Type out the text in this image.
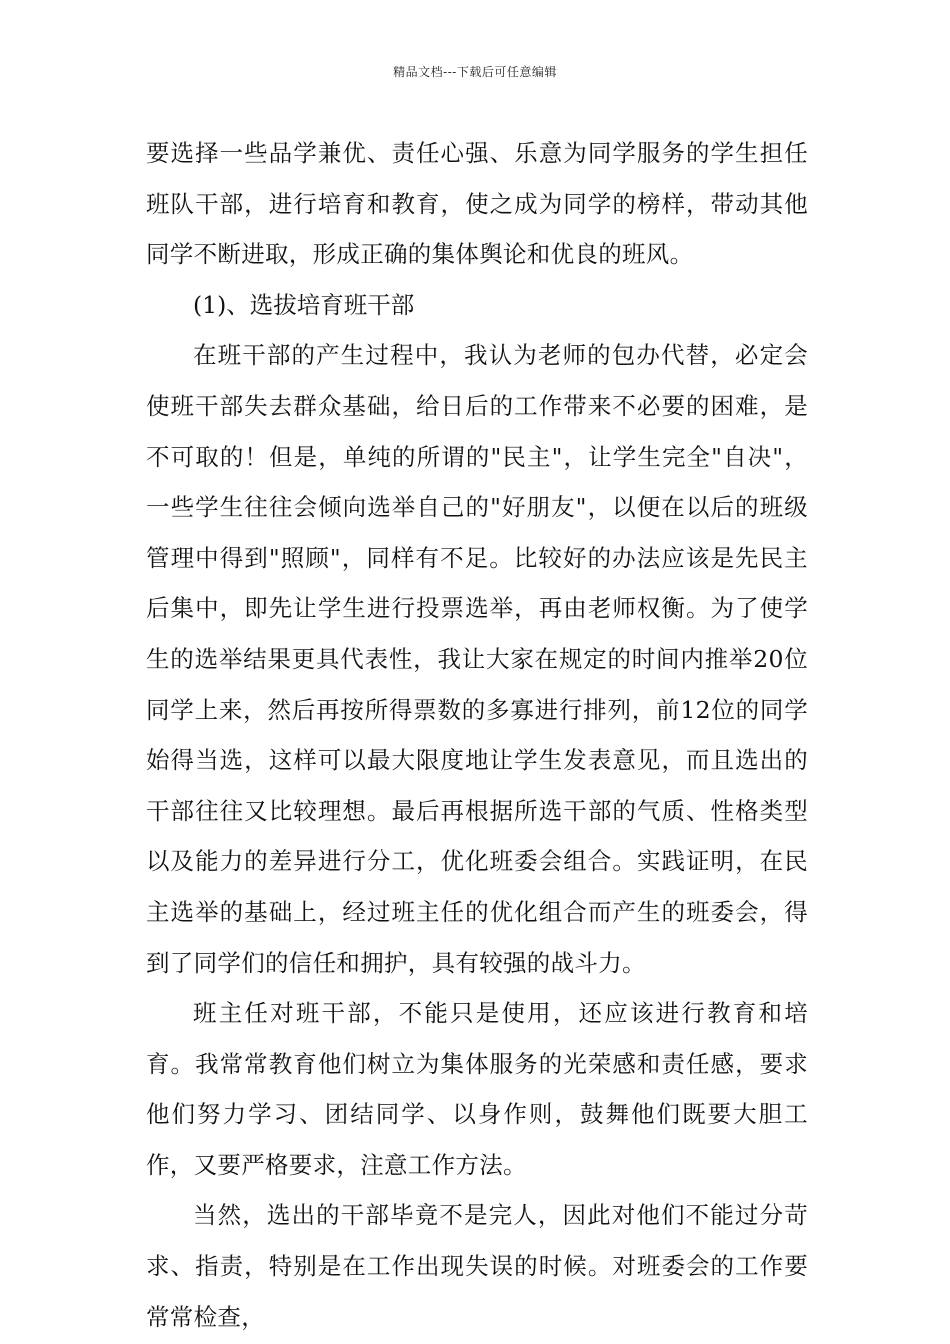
精品文档---下载后可任意编辑

要选择一些品学兼优、责任心强、乐意为同学服务的学生担任班队干部，进行培育和教育，使之成为同学的榜样，带动其他同学不断进取，形成正确的集体舆论和优良的班风。

(1)、选拔培育班干部

在班干部的产生过程中，我认为老师的包办代替，必定会使班干部失去群众基础，给日后的工作带来不必要的困难，是不可取的！但是，单纯的所谓的"民主"，让学生完全"自决"，一些学生往往会倾向选举自己的"好朋友"，以便在以后的班级管理中得到"照顾"，同样有不足。比较好的办法应该是先民主后集中，即先让学生进行投票选举，再由老师权衡。为了使学生的选举结果更具代表性，我让大家在规定的时间内推举20位同学上来，然后再按所得票数的多寡进行排列，前12位的同学始得当选，这样可以最大限度地让学生发表意见，而且选出的干部往往又比较理想。最后再根据所选干部的气质、性格类型以及能力的差异进行分工，优化班委会组合。实践证明，在民主选举的基础上，经过班主任的优化组合而产生的班委会，得到了同学们的信任和拥护，具有较强的战斗力。

班主任对班干部，不能只是使用，还应该进行教育和培育。我常常教育他们树立为集体服务的光荣感和责任感，要求他们努力学习、团结同学、以身作则，鼓舞他们既要大胆工作，又要严格要求，注意工作方法。

当然，选出的干部毕竟不是完人，因此对他们不能过分苛求、指责，特别是在工作出现失误的时候。对班委会的工作要常常检查，
